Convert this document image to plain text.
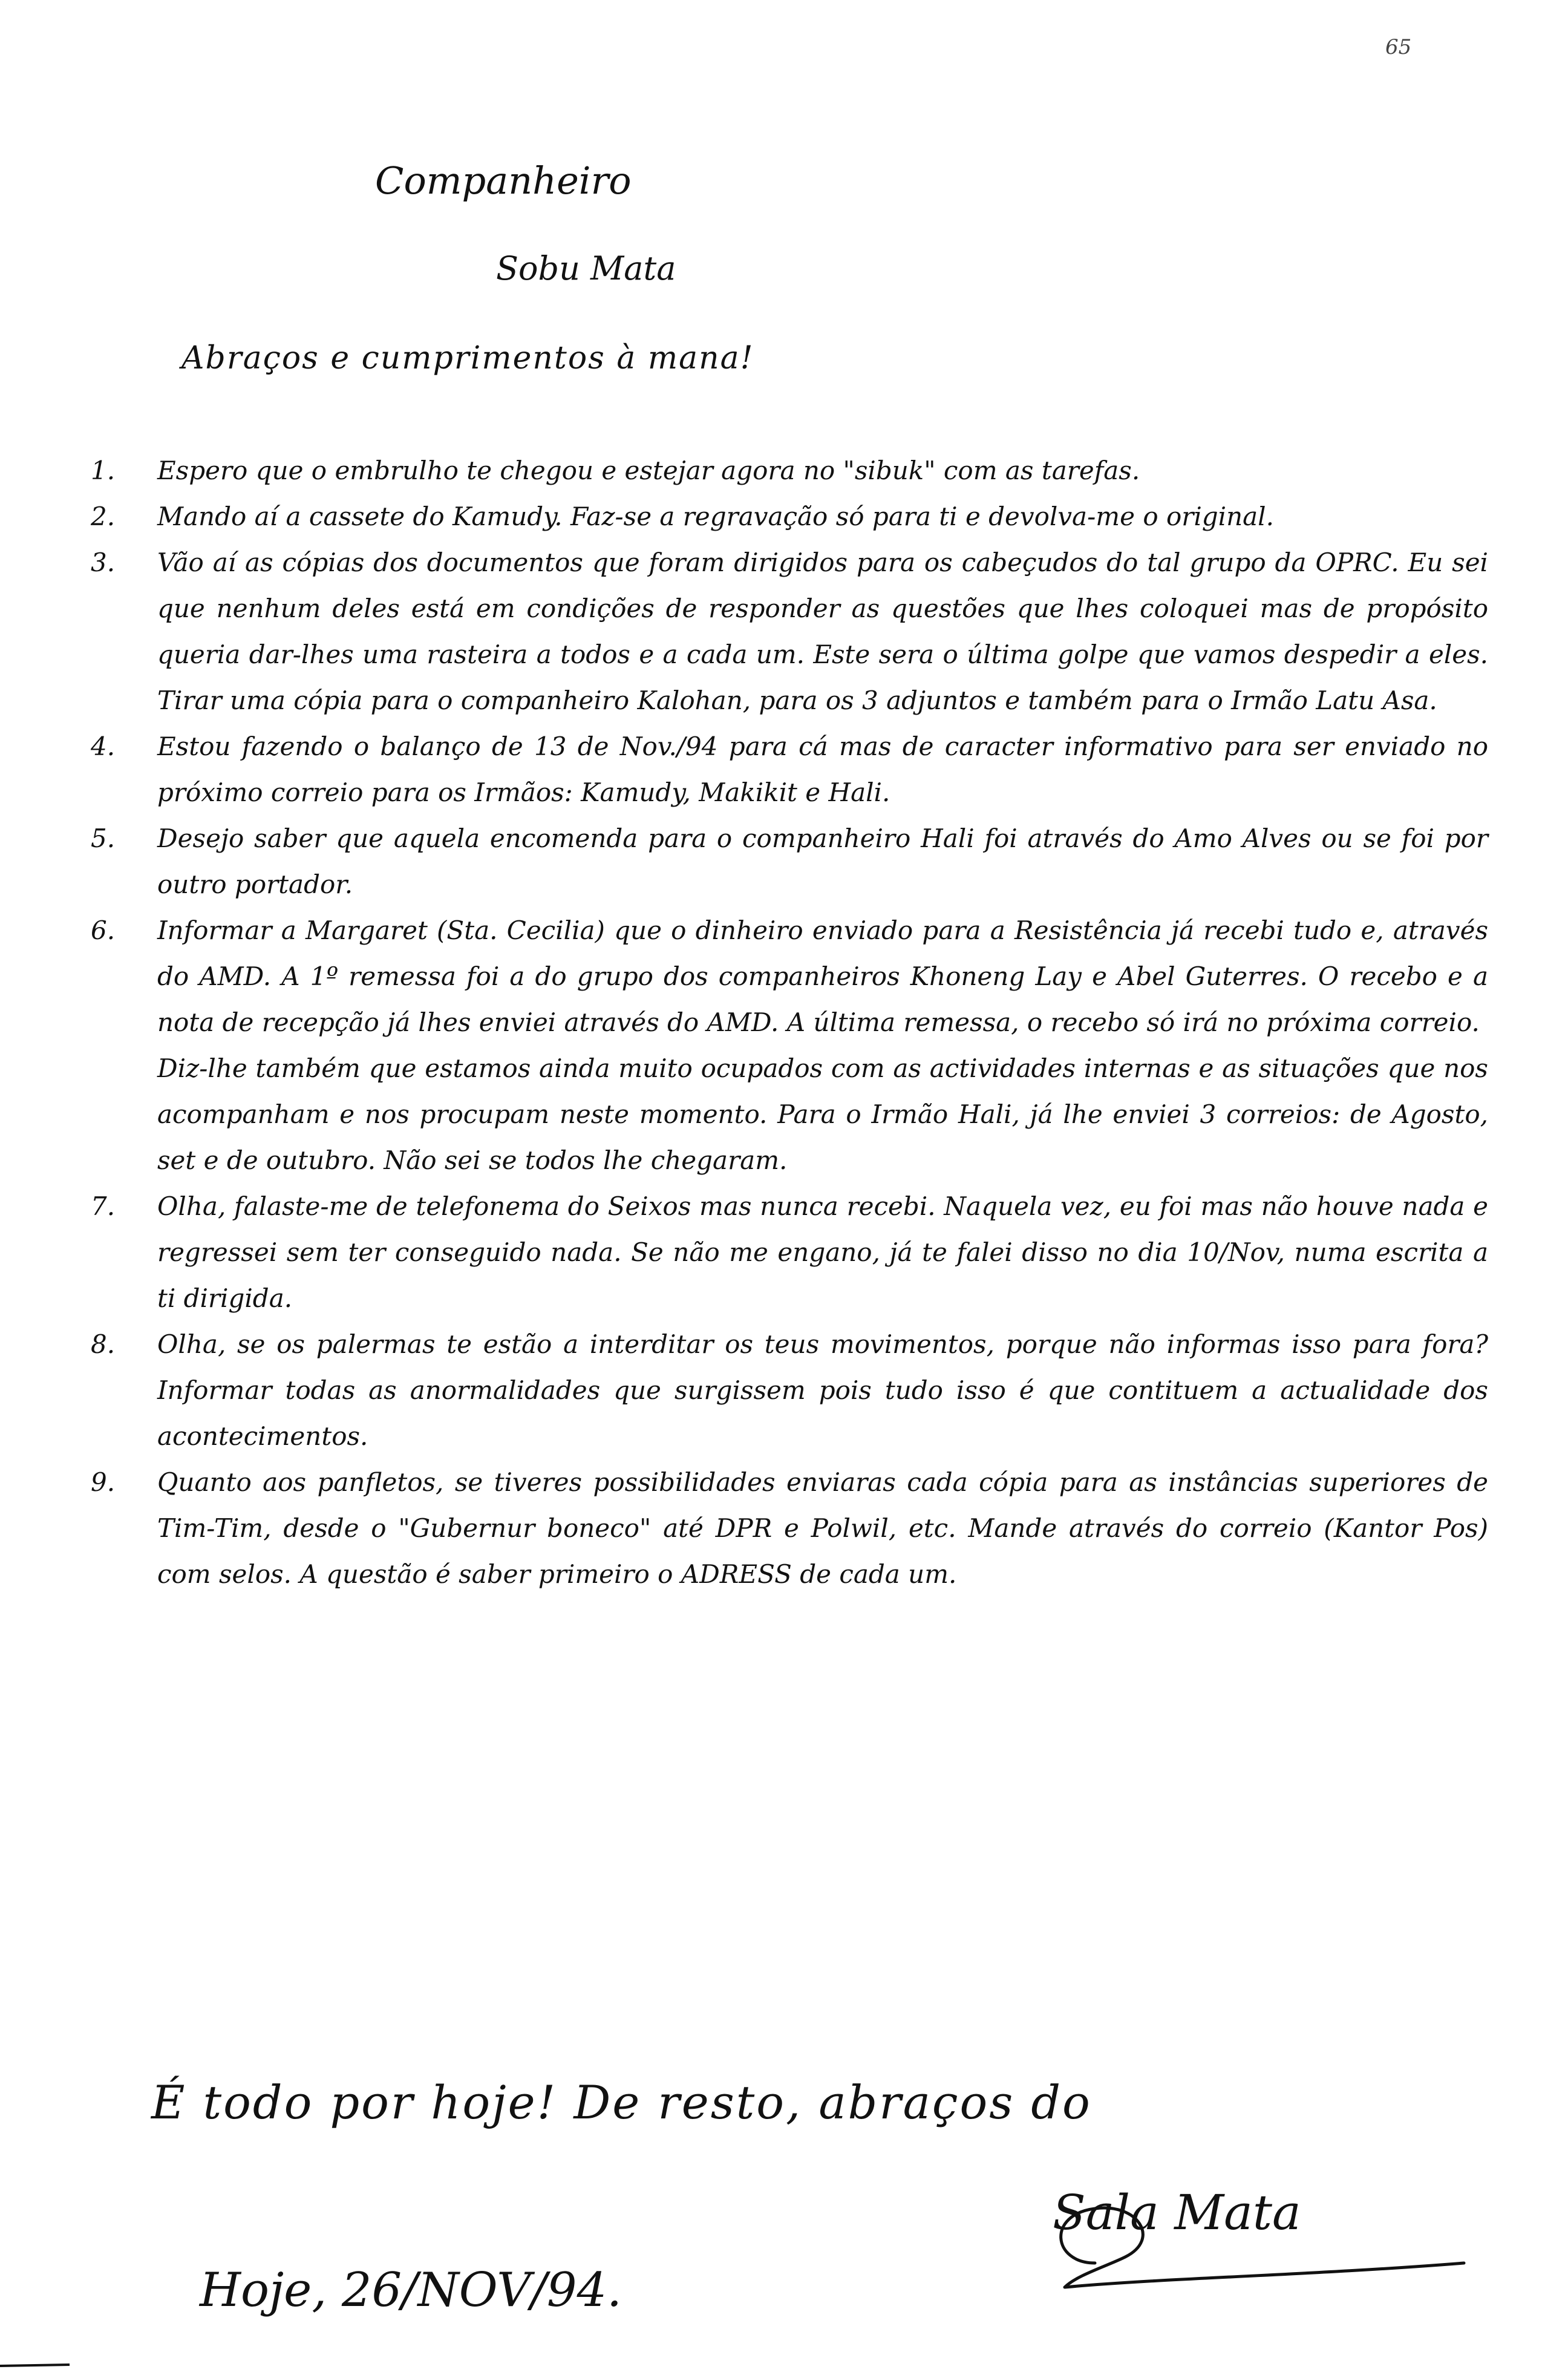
65
Companheiro
Sobu Mata
Abraços e cumprimentos à mana!
1.	Espero que o embrulho te chegou e estejar agora no "sibuk" com as tarefas.
2.	Mando aí a cassete do Kamudy. Faz-se a regravação só para ti e devolva-me o original.
3.	Vão aí as cópias dos documentos que foram dirigidos para os cabeçudos do tal grupo da OPRC. Eu sei que nenhum deles está em condições de responder as questões que lhes coloquei mas de propósito queria dar-lhes uma rasteira a todos e a cada um. Este sera o última golpe que vamos despedir a eles. Tirar uma cópia para o companheiro Kalohan, para os 3 adjuntos e também para o Irmão Latu Asa.
4.	Estou fazendo o balanço de 13 de Nov./94 para cá mas de caracter informativo para ser enviado no próximo correio para os Irmãos: Kamudy, Makikit e Hali.
5.	Desejo saber que aquela encomenda para o companheiro Hali foi através do Amo Alves ou se foi por outro portador.
6.	Informar a Margaret (Sta. Cecilia) que o dinheiro enviado para a Resistência já recebi tudo e, através do AMD. A 1º remessa foi a do grupo dos companheiros Khoneng Lay e Abel Guterres. O recebo e a nota de recepção já lhes enviei através do AMD. A última remessa, o recebo só irá no próxima correio.
Diz-lhe também que estamos ainda muito ocupados com as actividades internas e as situações que nos acompanham e nos procupam neste momento. Para o Irmão Hali, já lhe enviei 3 correios: de Agosto, set e de outubro. Não sei se todos lhe chegaram.
7.	Olha, falaste-me de telefonema do Seixos mas nunca recebi. Naquela vez, eu foi mas não houve nada e regressei sem ter conseguido nada. Se não me engano, já te falei disso no dia 10/Nov, numa escrita a ti dirigida.
8.	Olha, se os palermas te estão a interditar os teus movimentos, porque não informas isso para fora? Informar todas as anormalidades que surgissem pois tudo isso é que contituem a actualidade dos acontecimentos.
9.	Quanto aos panfletos, se tiveres possibilidades enviaras cada cópia para as instâncias superiores de Tim-Tim, desde o "Gubernur boneco" até DPR e Polwil, etc. Mande através do correio (Kantor Pos) com selos. A questão é saber primeiro o ADRESS de cada um.
É todo por hoje! De resto, abraços do
Sala Mata
Hoje, 26/NOV/94.
